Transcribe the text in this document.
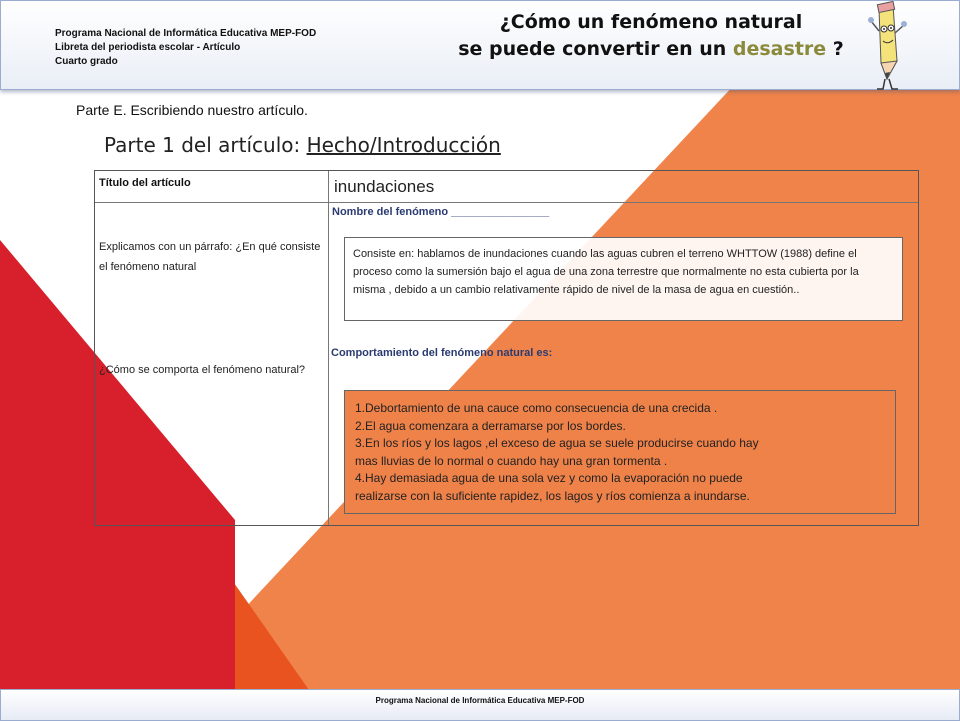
Programa Nacional de Informática Educativa MEP-FOD
Libreta del periodista escolar - Artículo
Cuarto grado
¿Cómo un fenómeno natural
se puede convertir en un desastre ?
Parte E. Escribiendo nuestro artículo.
Parte 1 del artículo: Hecho/Introducción
Título del artículo	inundaciones
Explicamos con un párrafo: ¿En qué consiste el fenómeno natural
¿Cómo se comporta el fenómeno natural?
Nombre del fenómeno ________________
Consiste en: hablamos de inundaciones cuando las aguas cubren el terreno WHTTOW (1988) define el proceso como la sumersión bajo el agua de una zona terrestre que normalmente no esta cubierta por la misma , debido a un cambio relativamente rápido de nivel de la masa de agua en cuestión..
Comportamiento del fenómeno natural es:
1.Debortamiento de una cauce como consecuencia de una crecida .
2.El agua comenzara a derramarse por los bordes.
3.En los ríos y los lagos ,el exceso de agua se suele producirse cuando hay
mas lluvias de lo normal o cuando hay una gran tormenta .
4.Hay demasiada agua de una sola vez y como la evaporación no puede
realizarse con la suficiente rapidez, los lagos y ríos comienza a inundarse.
Programa Nacional de Informática Educativa MEP-FOD
